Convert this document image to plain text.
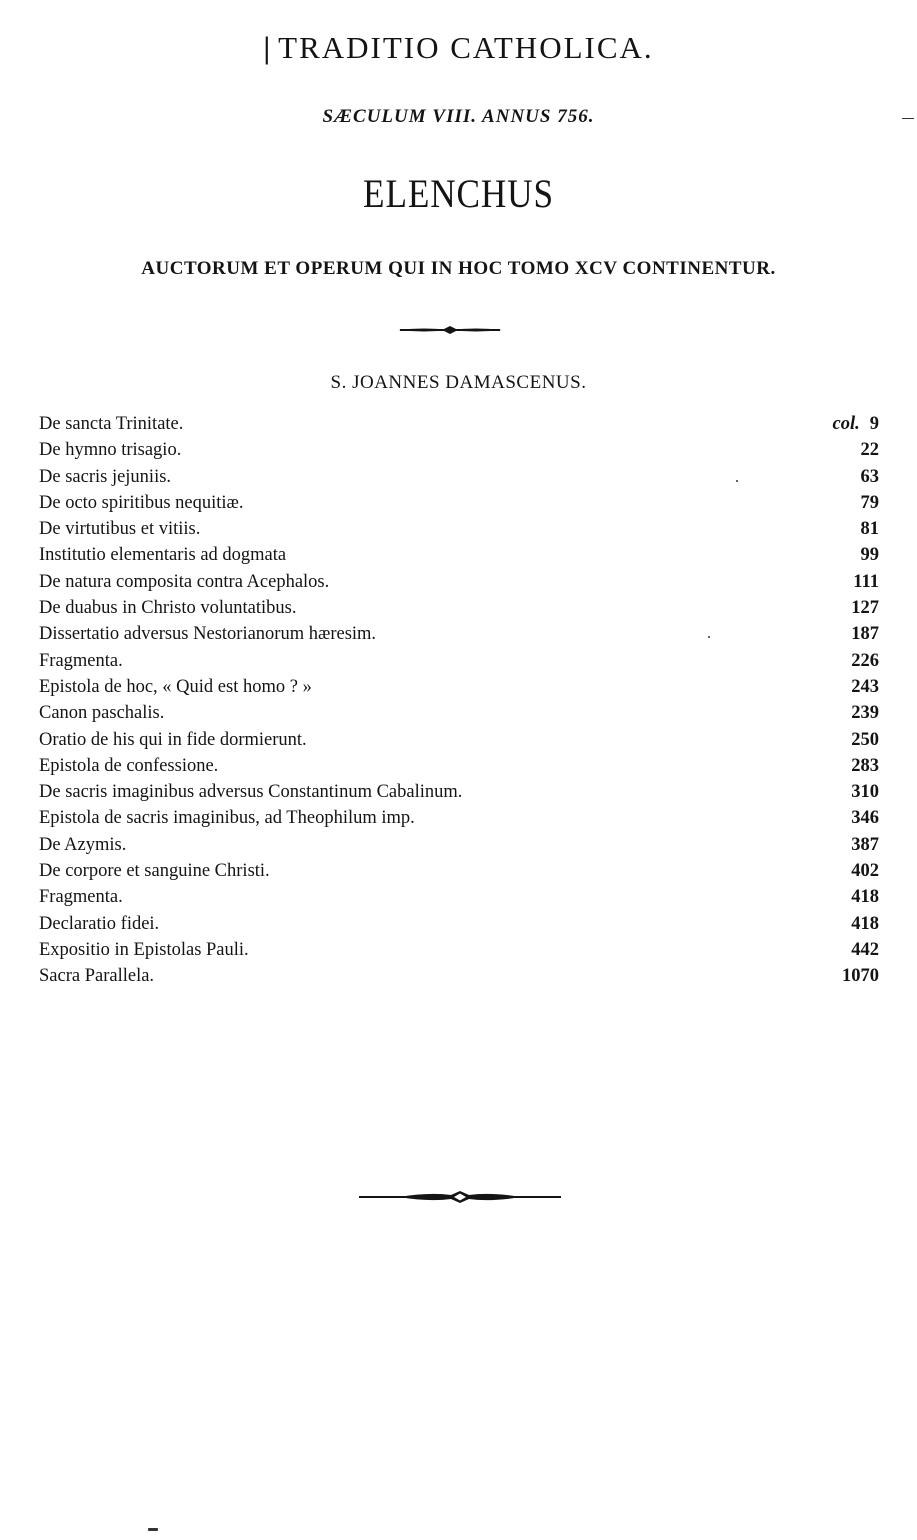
| TRADITIO CATHOLICA.
SÆCULUM VIII. ANNUS 756.
ELENCHUS
AUCTORUM ET OPERUM QUI IN HOC TOMO XCV CONTINENTUR.
S. JOANNES DAMASCENUS.
De sancta Trinitate.	col. 9
De hymno trisagio.	22
De sacris jejuniis.	63
De octo spiritibus nequitiæ.	79
De virtutibus et vitiis.	81
Institutio elementaris ad dogmata	99
De natura composita contra Acephalos.	111
De duabus in Christo voluntatibus.	127
Dissertatio adversus Nestorianorum hæresim.	187
Fragmenta.	226
Epistola de hoc, « Quid est homo ? »	243
Canon paschalis.	239
Oratio de his qui in fide dormierunt.	250
Epistola de confessione.	283
De sacris imaginibus adversus Constantinum Cabalinum.	310
Epistola de sacris imaginibus, ad Theophilum imp.	346
De Azymis.	387
De corpore et sanguine Christi.	402
Fragmenta.	418
Declaratio fidei.	418
Expositio in Epistolas Pauli.	442
Sacra Parallela.	1070
